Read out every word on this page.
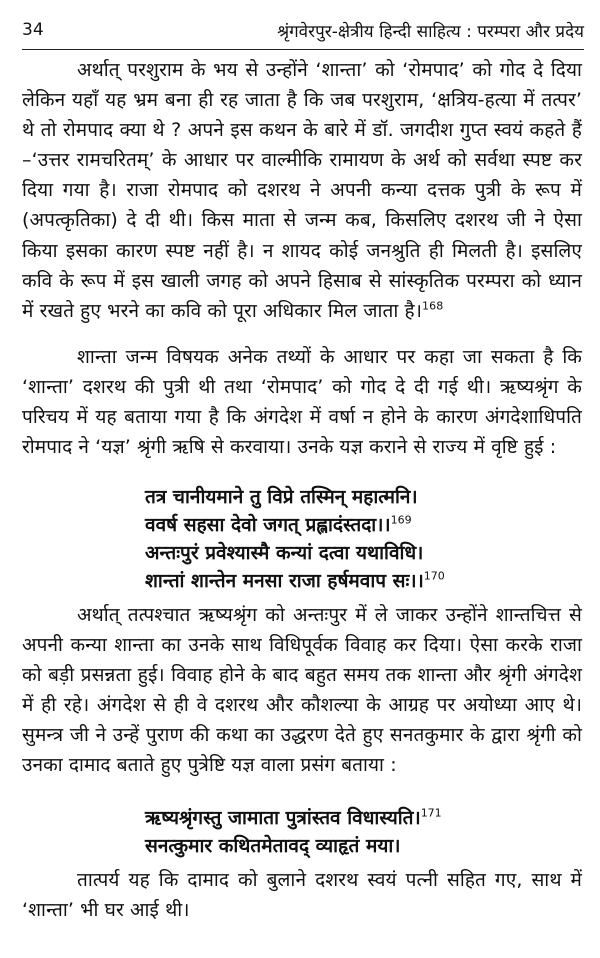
34	श्रृंगवेरपुर-क्षेत्रीय हिन्दी साहित्य : परम्परा और प्रदेय

अर्थात् परशुराम के भय से उन्होंने ‘शान्ता’ को ‘रोमपाद’ को गोद दे दिया लेकिन यहाँ यह भ्रम बना ही रह जाता है कि जब परशुराम, ‘क्षत्रिय-हत्या में तत्पर’ थे तो रोमपाद क्या थे ? अपने इस कथन के बारे में डॉ. जगदीश गुप्त स्वयं कहते हैं –‘उत्तर रामचरितम्’ के आधार पर वाल्मीकि रामायण के अर्थ को सर्वथा स्पष्ट कर दिया गया है। राजा रोमपाद को दशरथ ने अपनी कन्या दत्तक पुत्री के रूप में (अपत्कृतिका) दे दी थी। किस माता से जन्म कब, किसलिए दशरथ जी ने ऐसा किया इसका कारण स्पष्ट नहीं है। न शायद कोई जनश्रुति ही मिलती है। इसलिए कवि के रूप में इस खाली जगह को अपने हिसाब से सांस्कृतिक परम्परा को ध्यान में रखते हुए भरने का कवि को पूरा अधिकार मिल जाता है।$^{168}$

शान्ता जन्म विषयक अनेक तथ्यों के आधार पर कहा जा सकता है कि ‘शान्ता’ दशरथ की पुत्री थी तथा ‘रोमपाद’ को गोद दे दी गई थी। ऋष्यश्रृंग के परिचय में यह बताया गया है कि अंगदेश में वर्षा न होने के कारण अंगदेशाधिपति रोमपाद ने ‘यज्ञ’ श्रृंगी ऋषि से करवाया। उनके यज्ञ कराने से राज्य में वृष्टि हुई :

तत्र चानीयमाने तु विप्रे तस्मिन् महात्मनि।
ववर्ष सहसा देवो जगत् प्रह्लादंस्तदा।।$^{169}$
अन्तःपुरं प्रवेश्यास्मै कन्यां दत्वा यथाविधि।
शान्तां शान्तेन मनसा राजा हर्षमवाप सः।।$^{170}$

अर्थात् तत्पश्चात ऋष्यश्रृंग को अन्तःपुर में ले जाकर उन्होंने शान्तचित्त से अपनी कन्या शान्ता का उनके साथ विधिपूर्वक विवाह कर दिया। ऐसा करके राजा को बड़ी प्रसन्नता हुई। विवाह होने के बाद बहुत समय तक शान्ता और श्रृंगी अंगदेश में ही रहे। अंगदेश से ही वे दशरथ और कौशल्या के आग्रह पर अयोध्या आए थे। सुमन्त्र जी ने उन्हें पुराण की कथा का उद्धरण देते हुए सनतकुमार के द्वारा श्रृंगी को उनका दामाद बताते हुए पुत्रेष्टि यज्ञ वाला प्रसंग बताया :

ऋष्यश्रृंगस्तु जामाता पुत्रांस्तव विधास्यति।$^{171}$
सनत्कुमार कथितमेतावद् व्याहृतं मया।

तात्पर्य यह कि दामाद को बुलाने दशरथ स्वयं पत्नी सहित गए, साथ में ‘शान्ता’ भी घर आई थी।
